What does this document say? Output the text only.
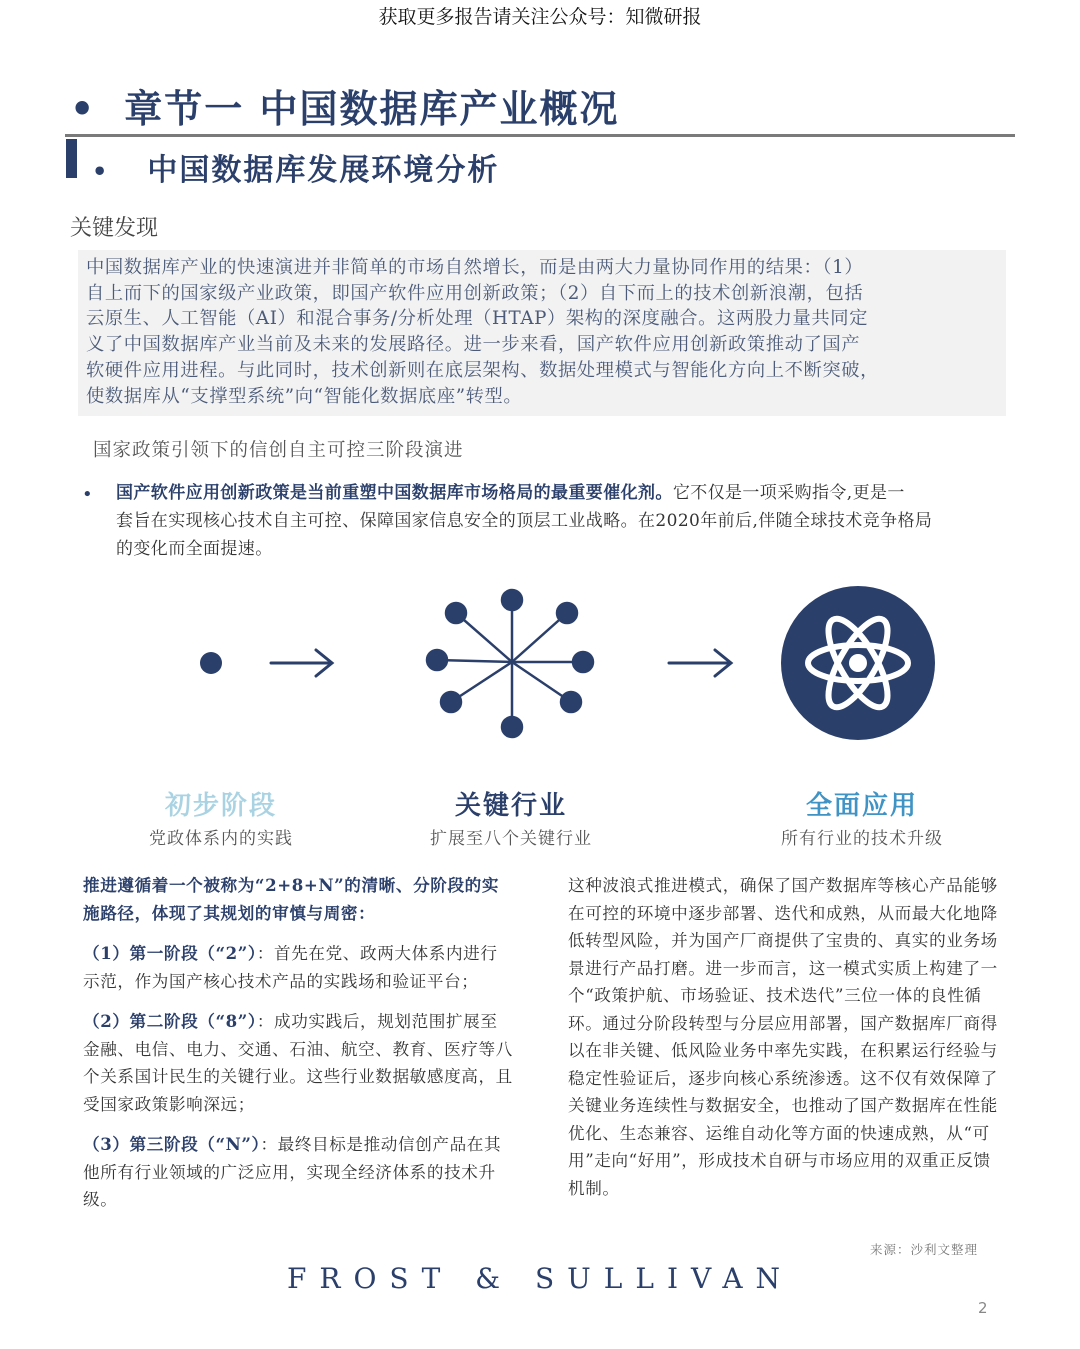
获取更多报告请关注公众号：知微研报
• 章节一 中国数据库产业概况
• 中国数据库发展环境分析
关键发现

中国数据库产业的快速演进并非简单的市场自然增长，而是由两大力量协同作用的结果：（1）

自上而下的国家级产业政策，即国产软件应用创新政策；（2）自下而上的技术创新浪潮，包括

云原生、人工智能（AI）和混合事务/分析处理（HTAP）架构的深度融合。这两股力量共同定

义了中国数据库产业当前及未来的发展路径。进一步来看，国产软件应用创新政策推动了国产

软硬件应用进程。与此同时，技术创新则在底层架构、数据处理模式与智能化方向上不断突破，

使数据库从“支撑型系统”向“智能化数据底座”转型。

国家政策引领下的信创自主可控三阶段演进
• 国产软件应用创新政策是当前重塑中国数据库市场格局的最重要催化剂。它不仅是一项采购指令,更是一
套旨在实现核心技术自主可控、保障国家信息安全的顶层工业战略。在2020年前后,伴随全球技术竞争格局
的变化而全面提速。
初步阶段
党政体系内的实践
关键行业
扩展至八个关键行业
全面应用
所有行业的技术升级

推进遵循着一个被称为“2+8+N”的清晰、分阶段的实施路径，体现了其规划的审慎与周密：

（1）第一阶段（“2”）：首先在党、政两大体系内进行示范，作为国产核心技术产品的实践场和验证平台；

（2）第二阶段（“8”）：成功实践后，规划范围扩展至金融、电信、电力、交通、石油、航空、教育、医疗等八个关系国计民生的关键行业。这些行业数据敏感度高，且受国家政策影响深远；

（3）第三阶段（“N”）：最终目标是推动信创产品在其他所有行业领域的广泛应用，实现全经济体系的技术升级。

这种波浪式推进模式，确保了国产数据库等核心产品能够在可控的环境中逐步部署、迭代和成熟，从而最大化地降低转型风险，并为国产厂商提供了宝贵的、真实的业务场景进行产品打磨。进一步而言，这一模式实质上构建了一个“政策护航、市场验证、技术迭代”三位一体的良性循环。通过分阶段转型与分层应用部署，国产数据库厂商得以在非关键、低风险业务中率先实践，在积累运行经验与稳定性验证后，逐步向核心系统渗透。这不仅有效保障了关键业务连续性与数据安全，也推动了国产数据库在性能优化、生态兼容、运维自动化等方面的快速成熟，从“可用”走向“好用”，形成技术自研与市场应用的双重正反馈机制。

来源：沙利文整理
FROST & SULLIVAN
2
